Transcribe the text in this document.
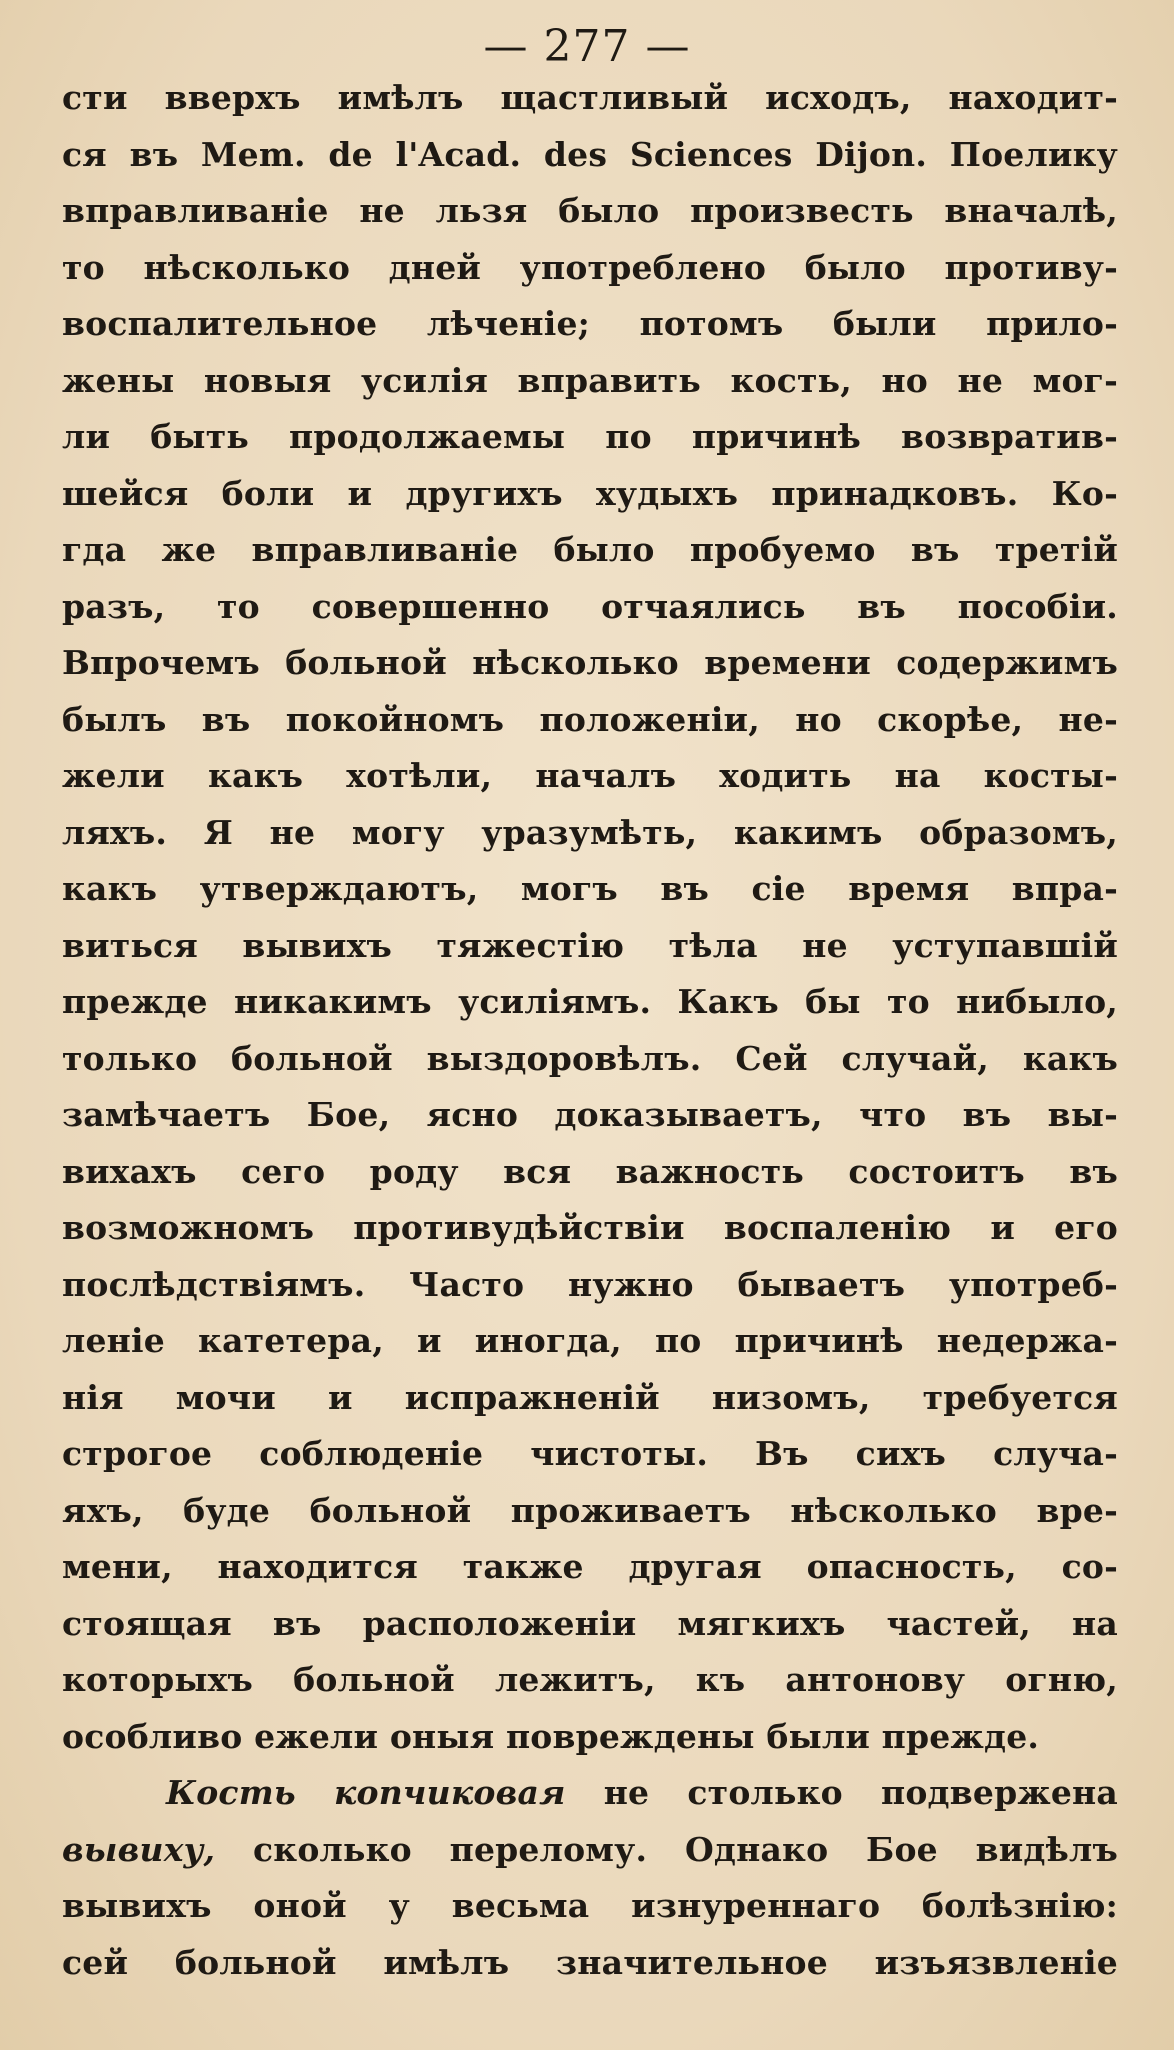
— 277 —
сти вверхъ имѣлъ щастливый исходъ, находит-
ся въ Mem. de l'Acad. des Sciences Dijon. Поелику
вправливаніе не льзя было произвесть вначалѣ,
то нѣсколько дней употреблено было противу-
воспалительное лѣченіе; потомъ были прило-
жены новыя усилія вправить кость, но не мог-
ли быть продолжаемы по причинѣ возвратив-
шейся боли и другихъ худыхъ принадковъ. Ко-
гда же вправливаніе было пробуемо въ третій
разъ, то совершенно отчаялись въ пособіи.
Впрочемъ больной нѣсколько времени содержимъ
былъ въ покойномъ положеніи, но скорѣе, не-
жели какъ хотѣли, началъ ходить на косты-
ляхъ. Я не могу уразумѣть, какимъ образомъ,
какъ утверждаютъ, могъ въ сіе время впра-
виться вывихъ тяжестію тѣла не уступавшій
прежде никакимъ усиліямъ. Какъ бы то нибыло,
только больной выздоровѣлъ. Сей случай, какъ
замѣчаетъ Бое, ясно доказываетъ, что въ вы-
вихахъ сего роду вся важность состоитъ въ
возможномъ противудѣйствіи воспаленію и его
послѣдствіямъ. Часто нужно бываетъ употреб-
леніе катетера, и иногда, по причинѣ недержа-
нія мочи и испражненій низомъ, требуется
строгое соблюденіе чистоты. Въ сихъ случа-
яхъ, буде больной проживаетъ нѣсколько вре-
мени, находится также другая опасность, со-
стоящая въ расположеніи мягкихъ частей, на
которыхъ больной лежитъ, къ антонову огню,
особливо ежели оныя повреждены были прежде.
Кость копчиковая не столько подвержена
вывиху, сколько перелому. Однако Бое видѣлъ
вывихъ оной у весьма изнуреннаго болѣзнію:
сей больной имѣлъ значительное изъязвленіе
